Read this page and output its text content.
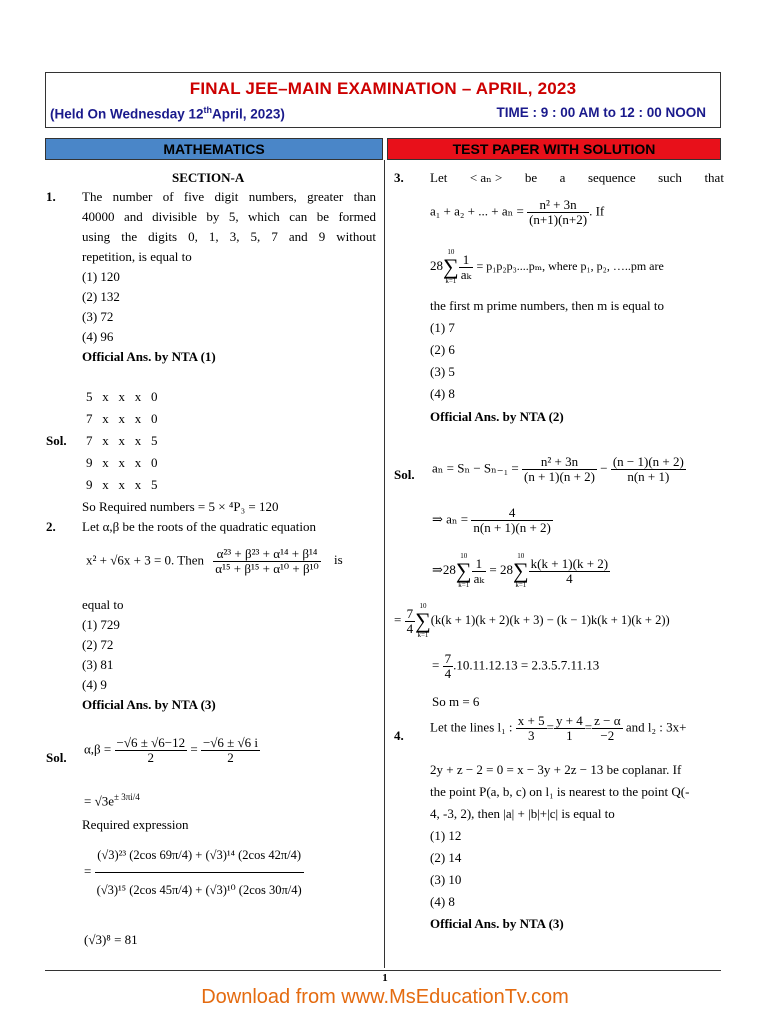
FINAL JEE–MAIN EXAMINATION – APRIL, 2023
(Held On Wednesday 12thApril, 2023)	TIME : 9 : 00 AM to 12 : 00 NOON
MATHEMATICS	TEST PAPER WITH SOLUTION
SECTION-A
1. The number of five digit numbers, greater than
40000 and divisible by 5, which can be formed
using the digits 0, 1, 3, 5, 7 and 9 without
repetition, is equal to
(1) 120
(2) 132
(3) 72
(4) 96
Official Ans. by NTA (1)
5   x   x   x   0
7   x   x   x   0
Sol. 7   x   x   x   5
9   x   x   x   0
9   x   x   x   5
So Required numbers = 5 × ⁴P₃ = 120
2. Let α,β be the roots of the quadratic equation
x² + √6x + 3 = 0. Then $\frac{\text{α²³ + β²³ + α¹⁴ + β¹⁴}}{\text{α¹⁵ + β¹⁵ + α¹⁰ + β¹⁰}}$ is
equal to
(1) 729
(2) 72
(3) 81
(4) 9
Official Ans. by NTA (3)
Sol.
$\alpha,\beta = \frac{-√6 \pm √6-12}{2} = \frac{-√6 \pm √6 i}{2}$
= $√3e^{\pm 3\pi i/4}$
Required expression
= $\frac{\text{(√3)²³ (2cos 69π/4) + (√3)¹⁴ (2cos 42π/4)}}{\text{(√3)¹⁵ (2cos 45π/4) + (√3)¹⁰ (2cos 30π/4)}}$
(√3)⁸ = 81
3. Let < aₙ > be a sequence such that
a₁ + a₂ + ... + $a_n = \frac{\text{n² + 3n}}{(n+1)(n+2)}$ . If
28
10
∑
$k=1 \frac{1}{\text{aₖ}} = p_1p_2p_3....p_m$, where p₁, p₂, …..pm are
the first m prime numbers, then m is equal to
(1) 7
(2) 6
(3) 5
(4) 8
Official Ans. by NTA (2)
Sol. $a_n = S_n - S_{n-1} = \frac{\text{n² + 3n}}{(n + 1)(n + 2)} - \frac{(n - 1)(n + 2)}{n(n + 1)}$
⇒ $a_n = \frac{4}{n(n + 1)(n + 2)}$
⇒28
10
∑
$k=1 \frac{1}{\text{aₖ}} = 28$
10
∑
$k=1 \frac{k(k + 1)(k + 2)}{4}$
= $\frac{7}{4}$
10
∑
k=1
(k(k + 1)(k + 2)(k + 3) − (k − 1)k(k + 1)(k + 2))
= $\frac{7}{4} .10.11.12.13 = 2.3.5.7.11.13$
So m = 6
4.
Let the lines l₁ : $\frac{x + 5}{3} = \frac{y + 4}{1} = \frac{z - \alpha}{-2}$ and l₂ : 3x+
2y + z − 2 = 0 = x − 3y + 2z − 13 be coplanar. If
the point P(a, b, c) on l₁ is nearest to the point Q(-
4, -3, 2), then |a| + |b|+|c| is equal to
(1) 12
(2) 14
(3) 10
(4) 8
Official Ans. by NTA (3)
1
Download from www.MsEducationTv.com
